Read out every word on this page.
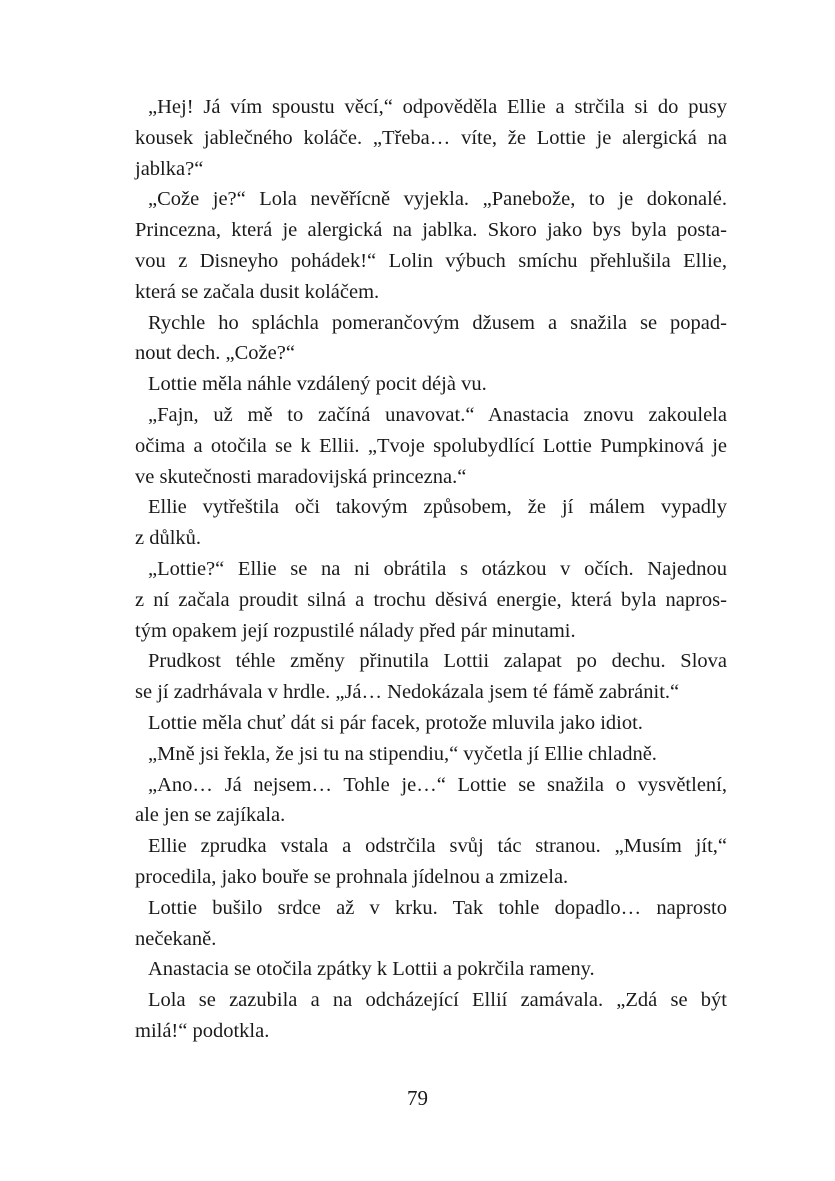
„Hej! Já vím spoustu věcí,“ odpověděla Ellie a strčila si do pusy
kousek jablečného koláče. „Třeba… víte, že Lottie je alergická na
jablka?“
„Cože je?“ Lola nevěřícně vyjekla. „Panebože, to je dokonalé.
Princezna, která je alergická na jablka. Skoro jako bys byla posta-
vou z Disneyho pohádek!“ Lolin výbuch smíchu přehlušila Ellie,
která se začala dusit koláčem.
Rychle ho spláchla pomerančovým džusem a snažila se popad-
nout dech. „Cože?“
Lottie měla náhle vzdálený pocit déjà vu.
„Fajn, už mě to začíná unavovat.“ Anastacia znovu zakoulela
očima a otočila se k Ellii. „Tvoje spolubydlící Lottie Pumpkinová je
ve skutečnosti maradovijská princezna.“
Ellie vytřeštila oči takovým způsobem, že jí málem vypadly
z důlků.
„Lottie?“ Ellie se na ni obrátila s otázkou v očích. Najednou
z ní začala proudit silná a trochu děsivá energie, která byla napros-
tým opakem její rozpustilé nálady před pár minutami.
Prudkost téhle změny přinutila Lottii zalapat po dechu. Slova
se jí zadrhávala v hrdle. „Já… Nedokázala jsem té fámě zabránit.“
Lottie měla chuť dát si pár facek, protože mluvila jako idiot.
„Mně jsi řekla, že jsi tu na stipendiu,“ vyčetla jí Ellie chladně.
„Ano… Já nejsem… Tohle je…“ Lottie se snažila o vysvětlení,
ale jen se zajíkala.
Ellie zprudka vstala a odstrčila svůj tác stranou. „Musím jít,“
procedila, jako bouře se prohnala jídelnou a zmizela.
Lottie bušilo srdce až v krku. Tak tohle dopadlo… naprosto
nečekaně.
Anastacia se otočila zpátky k Lottii a pokrčila rameny.
Lola se zazubila a na odcházející Ellií zamávala. „Zdá se být
milá!“ podotkla.
79
